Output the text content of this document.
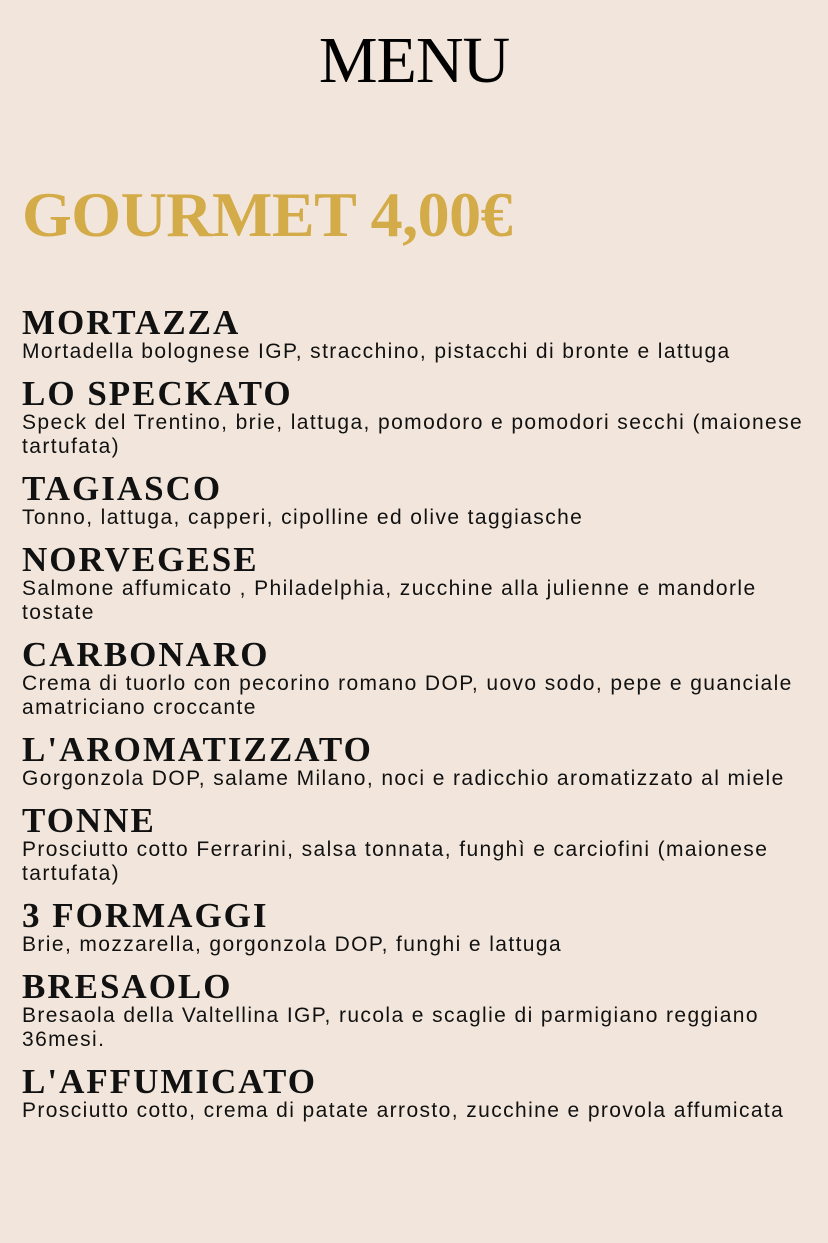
MENU
GOURMET 4,00€
MORTAZZA
Mortadella bolognese IGP, stracchino, pistacchi di bronte e lattuga
LO SPECKATO
Speck del Trentino, brie, lattuga, pomodoro e pomodori secchi (maionese tartufata)
TAGIASCO
Tonno, lattuga, capperi, cipolline ed olive taggiasche
NORVEGESE
Salmone affumicato , Philadelphia, zucchine alla julienne e mandorle tostate
CARBONARO
Crema di tuorlo con pecorino romano DOP, uovo sodo, pepe e guanciale amatriciano croccante
L'AROMATIZZATO
Gorgonzola DOP, salame Milano, noci e radicchio aromatizzato al miele
TONNE
Prosciutto cotto Ferrarini, salsa tonnata, funghì e carciofini (maionese tartufata)
3 FORMAGGI
Brie, mozzarella, gorgonzola DOP, funghi e lattuga
BRESAOLO
Bresaola della Valtellina IGP, rucola e scaglie di parmigiano reggiano 36mesi.
L'AFFUMICATO
Prosciutto cotto, crema di patate arrosto, zucchine e provola affumicata
